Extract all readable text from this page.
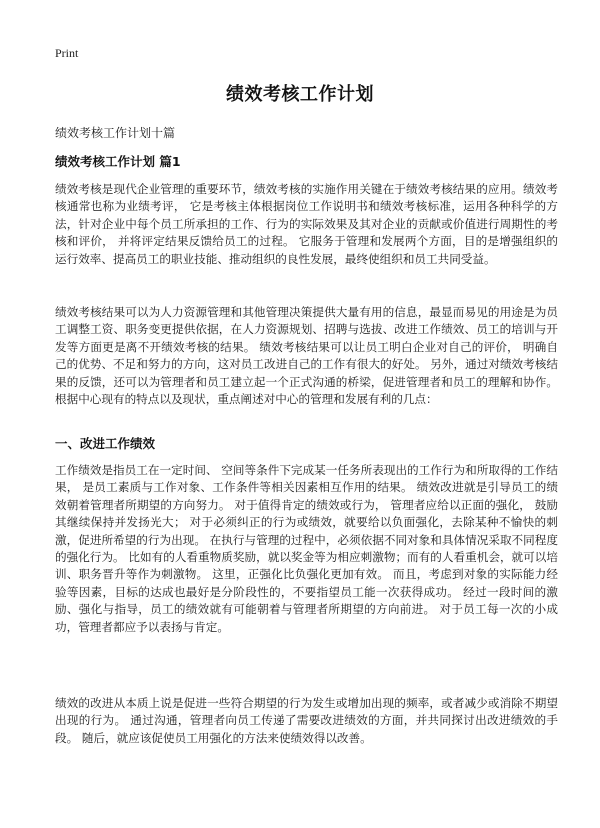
Print
绩效考核工作计划
绩效考核工作计划十篇
绩效考核工作计划 篇1

绩效考核是现代企业管理的重要环节，绩效考核的实施作用关键在于绩效考核结果的应用。绩效考核通常也称为业绩考评， 它是考核主体根据岗位工作说明书和绩效考核标准，运用各种科学的方法，针对企业中每个员工所承担的工作、行为的实际效果及其对企业的贡献或价值进行周期性的考核和评价， 并将评定结果反馈给员工的过程。 它服务于管理和发展两个方面，目的是增强组织的运行效率、提高员工的职业技能、推动组织的良性发展，最终使组织和员工共同受益。

绩效考核结果可以为人力资源管理和其他管理决策提供大量有用的信息，最显而易见的用途是为员工调整工资、职务变更提供依据，在人力资源规划、招聘与选拔、改进工作绩效、员工的培训与开发等方面更是离不开绩效考核的结果。 绩效考核结果可以让员工明白企业对自己的评价， 明确自己的优势、不足和努力的方向，这对员工改进自己的工作有很大的好处。 另外，通过对绩效考核结果的反馈，还可以为管理者和员工建立起一个正式沟通的桥梁，促进管理者和员工的理解和协作。根据中心现有的特点以及现状，重点阐述对中心的管理和发展有利的几点：

一、改进工作绩效

工作绩效是指员工在一定时间、 空间等条件下完成某一任务所表现出的工作行为和所取得的工作结果， 是员工素质与工作对象、工作条件等相关因素相互作用的结果。 绩效改进就是引导员工的绩效朝着管理者所期望的方向努力。 对于值得肯定的绩效或行为， 管理者应给以正面的强化， 鼓励其继续保持并发扬光大； 对于必须纠正的行为或绩效，就要给以负面强化，去除某种不愉快的刺激，促进所希望的行为出现。 在执行与管理的过程中，必须依据不同对象和具体情况采取不同程度的强化行为。 比如有的人看重物质奖励，就以奖金等为相应刺激物；而有的人看重机会，就可以培训、职务晋升等作为刺激物。 这里，正强化比负强化更加有效。 而且，考虑到对象的实际能力经验等因素，目标的达成也最好是分阶段性的，不要指望员工能一次获得成功。 经过一段时间的激励、强化与指导，员工的绩效就有可能朝着与管理者所期望的方向前进。 对于员工每一次的小成功，管理者都应予以表扬与肯定。

绩效的改进从本质上说是促进一些符合期望的行为发生或增加出现的频率，或者减少或消除不期望出现的行为。 通过沟通，管理者向员工传递了需要改进绩效的方面，并共同探讨出改进绩效的手段。 随后，就应该促使员工用强化的方法来使绩效得以改善。
